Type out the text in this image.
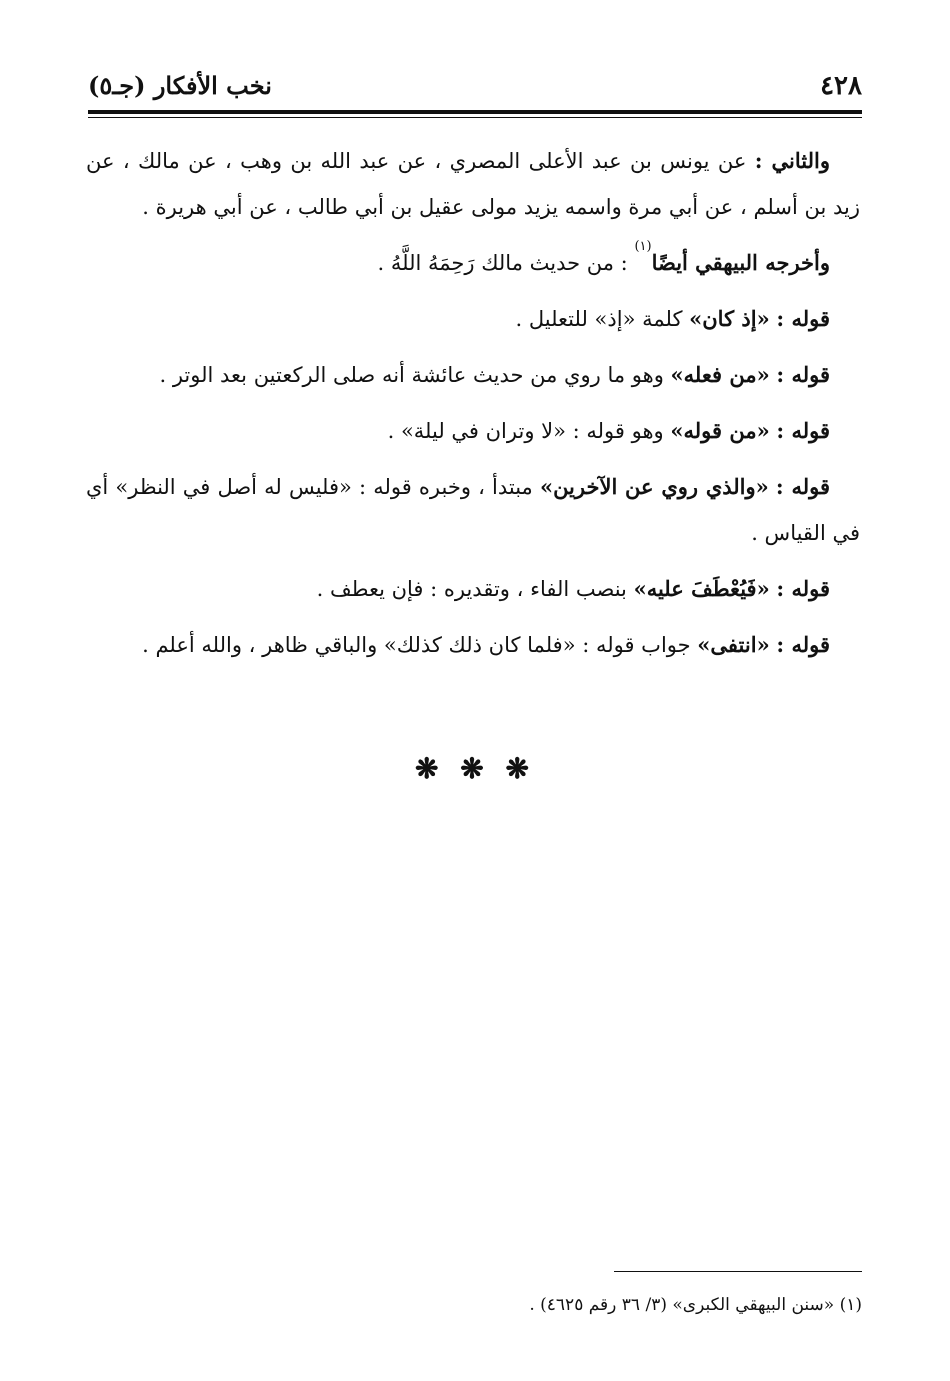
٤٢٨
نخب الأفكار (جـ٥)

والثاني : عن يونس بن عبد الأعلى المصري ، عن عبد الله بن وهب ، عن مالك ، عن زيد بن أسلم ، عن أبي مرة واسمه يزيد مولى عقيل بن أبي طالب ، عن أبي هريرة .

وأخرجه البيهقي أيضًا$^{(١)}$ : من حديث مالك رَحِمَهُ اللَّهُ .

قوله : «إذ كان» كلمة «إذ» للتعليل .

قوله : «من فعله» وهو ما روي من حديث عائشة أنه صلى الركعتين بعد الوتر .

قوله : «من قوله» وهو قوله : «لا وتران في ليلة» .

قوله : «والذي روي عن الآخرين» مبتدأ ، وخبره قوله : «فليس له أصل في النظر» أي في القياس .

قوله : «فَيُعْطَفَ عليه» بنصب الفاء ، وتقديره : فإن يعطف .

قوله : «انتفى» جواب قوله : «فلما كان ذلك كذلك» والباقي ظاهر ، والله أعلم .

❋ ❋ ❋
(١) «سنن البيهقي الكبرى» (٣/ ٣٦ رقم ٤٦٢٥) .
